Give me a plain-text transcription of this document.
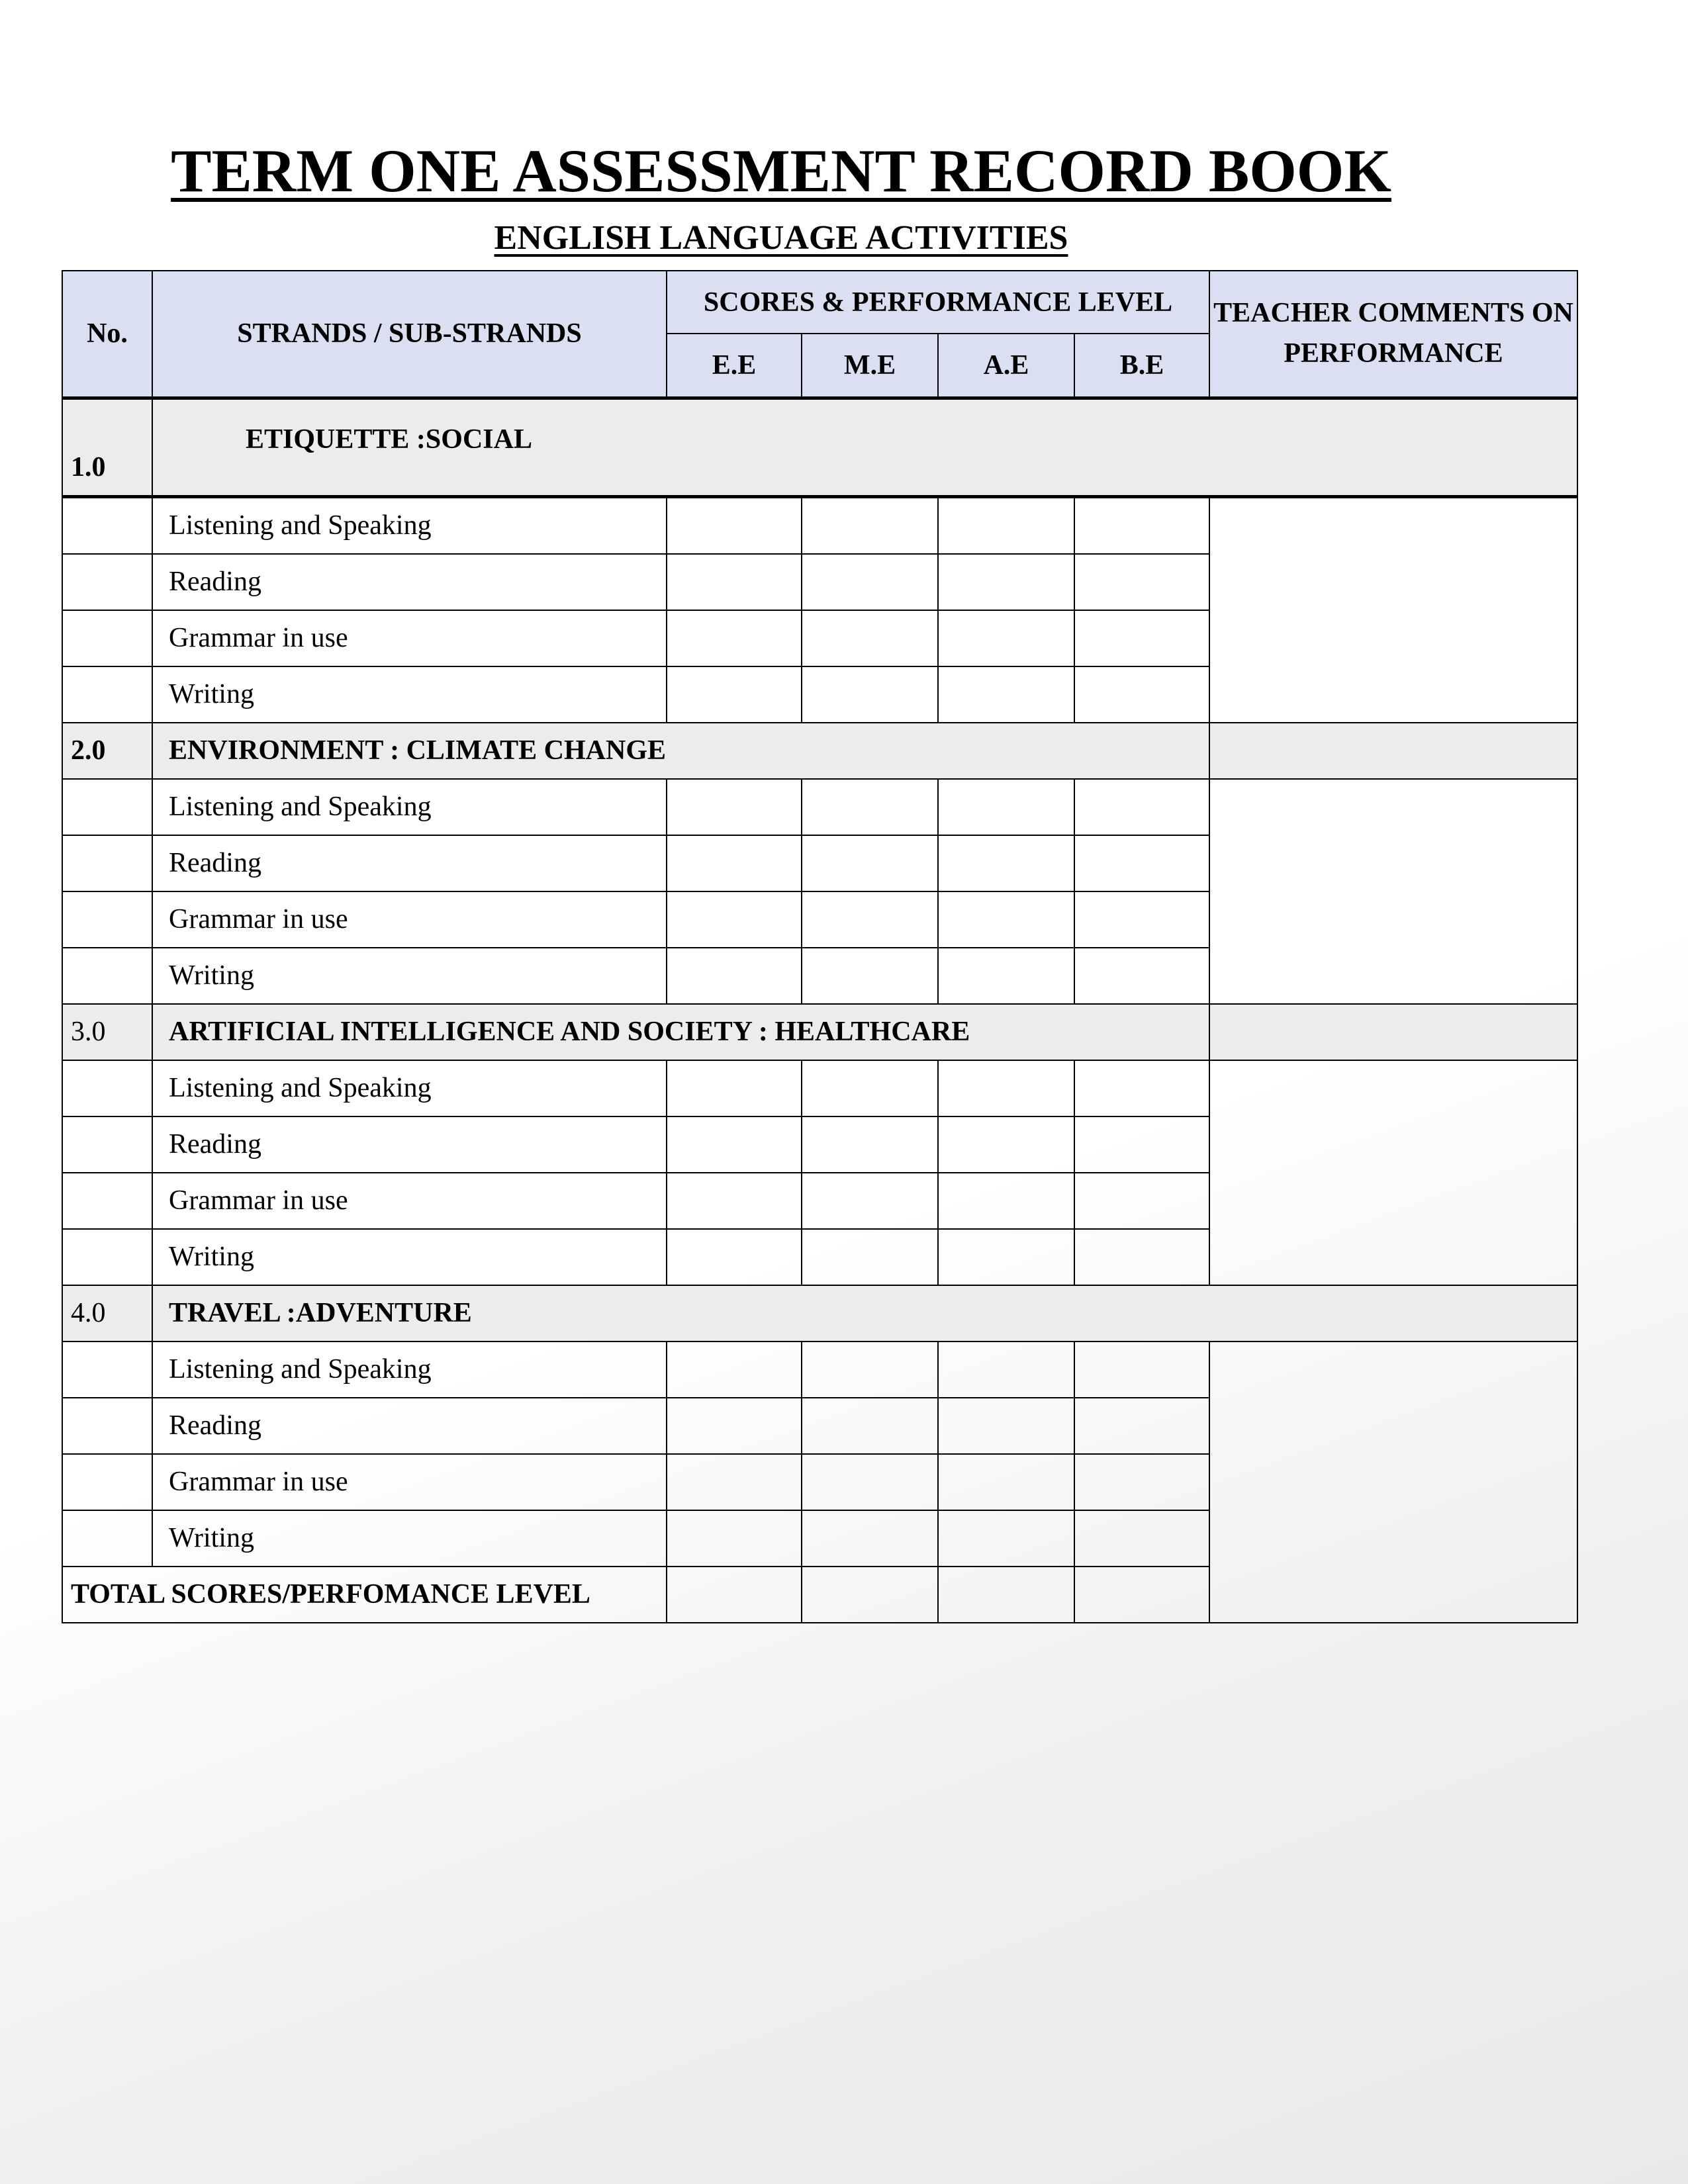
TERM ONE ASSESSMENT RECORD BOOK
ENGLISH LANGUAGE ACTIVITIES
No.	STRANDS / SUB-STRANDS	SCORES & PERFORMANCE LEVEL				TEACHER COMMENTS ON PERFORMANCE
		E.E	M.E	A.E	B.E	
1.0	ETIQUETTE :SOCIAL					
	Listening and Speaking					
	Reading					
	Grammar in use					
	Writing					
2.0	ENVIRONMENT : CLIMATE CHANGE					
	Listening and Speaking					
	Reading					
	Grammar in use					
	Writing					
3.0	ARTIFICIAL INTELLIGENCE AND SOCIETY : HEALTHCARE					
	Listening and Speaking					
	Reading					
	Grammar in use					
	Writing					
4.0	TRAVEL :ADVENTURE					
	Listening and Speaking					
	Reading					
	Grammar in use					
	Writing					
TOTAL SCORES/PERFOMANCE LEVEL						
